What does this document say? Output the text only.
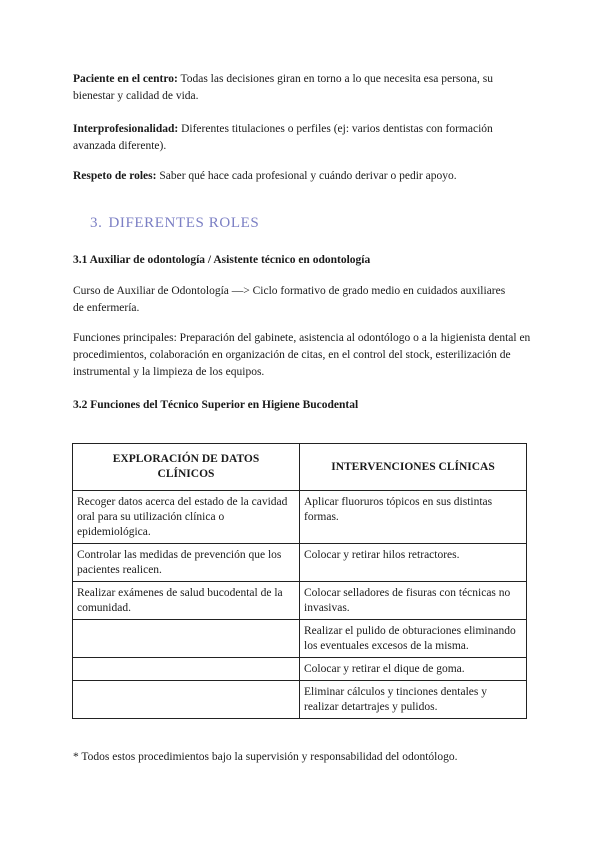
Paciente en el centro: Todas las decisiones giran en torno a lo que necesita esa persona, su bienestar y calidad de vida.
Interprofesionalidad: Diferentes titulaciones o perfiles (ej: varios dentistas con formación avanzada diferente).
Respeto de roles: Saber qué hace cada profesional y cuándo derivar o pedir apoyo.
3. DIFERENTES ROLES
3.1 Auxiliar de odontología / Asistente técnico en odontología
Curso de Auxiliar de Odontología —> Ciclo formativo de grado medio en cuidados auxiliares de enfermería.
Funciones principales: Preparación del gabinete, asistencia al odontólogo o a la higienista dental en procedimientos, colaboración en organización de citas, en el control del stock, esterilización de instrumental y la limpieza de los equipos.
3.2 Funciones del Técnico Superior en Higiene Bucodental
EXPLORACIÓN DE DATOS CLÍNICOS	INTERVENCIONES CLÍNICAS
Recoger datos acerca del estado de la cavidad oral para su utilización clínica o epidemiológica.	Aplicar fluoruros tópicos en sus distintas formas.
Controlar las medidas de prevención que los pacientes realicen.	Colocar y retirar hilos retractores.
Realizar exámenes de salud bucodental de la comunidad.	Colocar selladores de fisuras con técnicas no invasivas.
	Realizar el pulido de obturaciones eliminando los eventuales excesos de la misma.
	Colocar y retirar el dique de goma.
	Eliminar cálculos y tinciones dentales y realizar detartrajes y pulidos.
* Todos estos procedimientos bajo la supervisión y responsabilidad del odontólogo.
